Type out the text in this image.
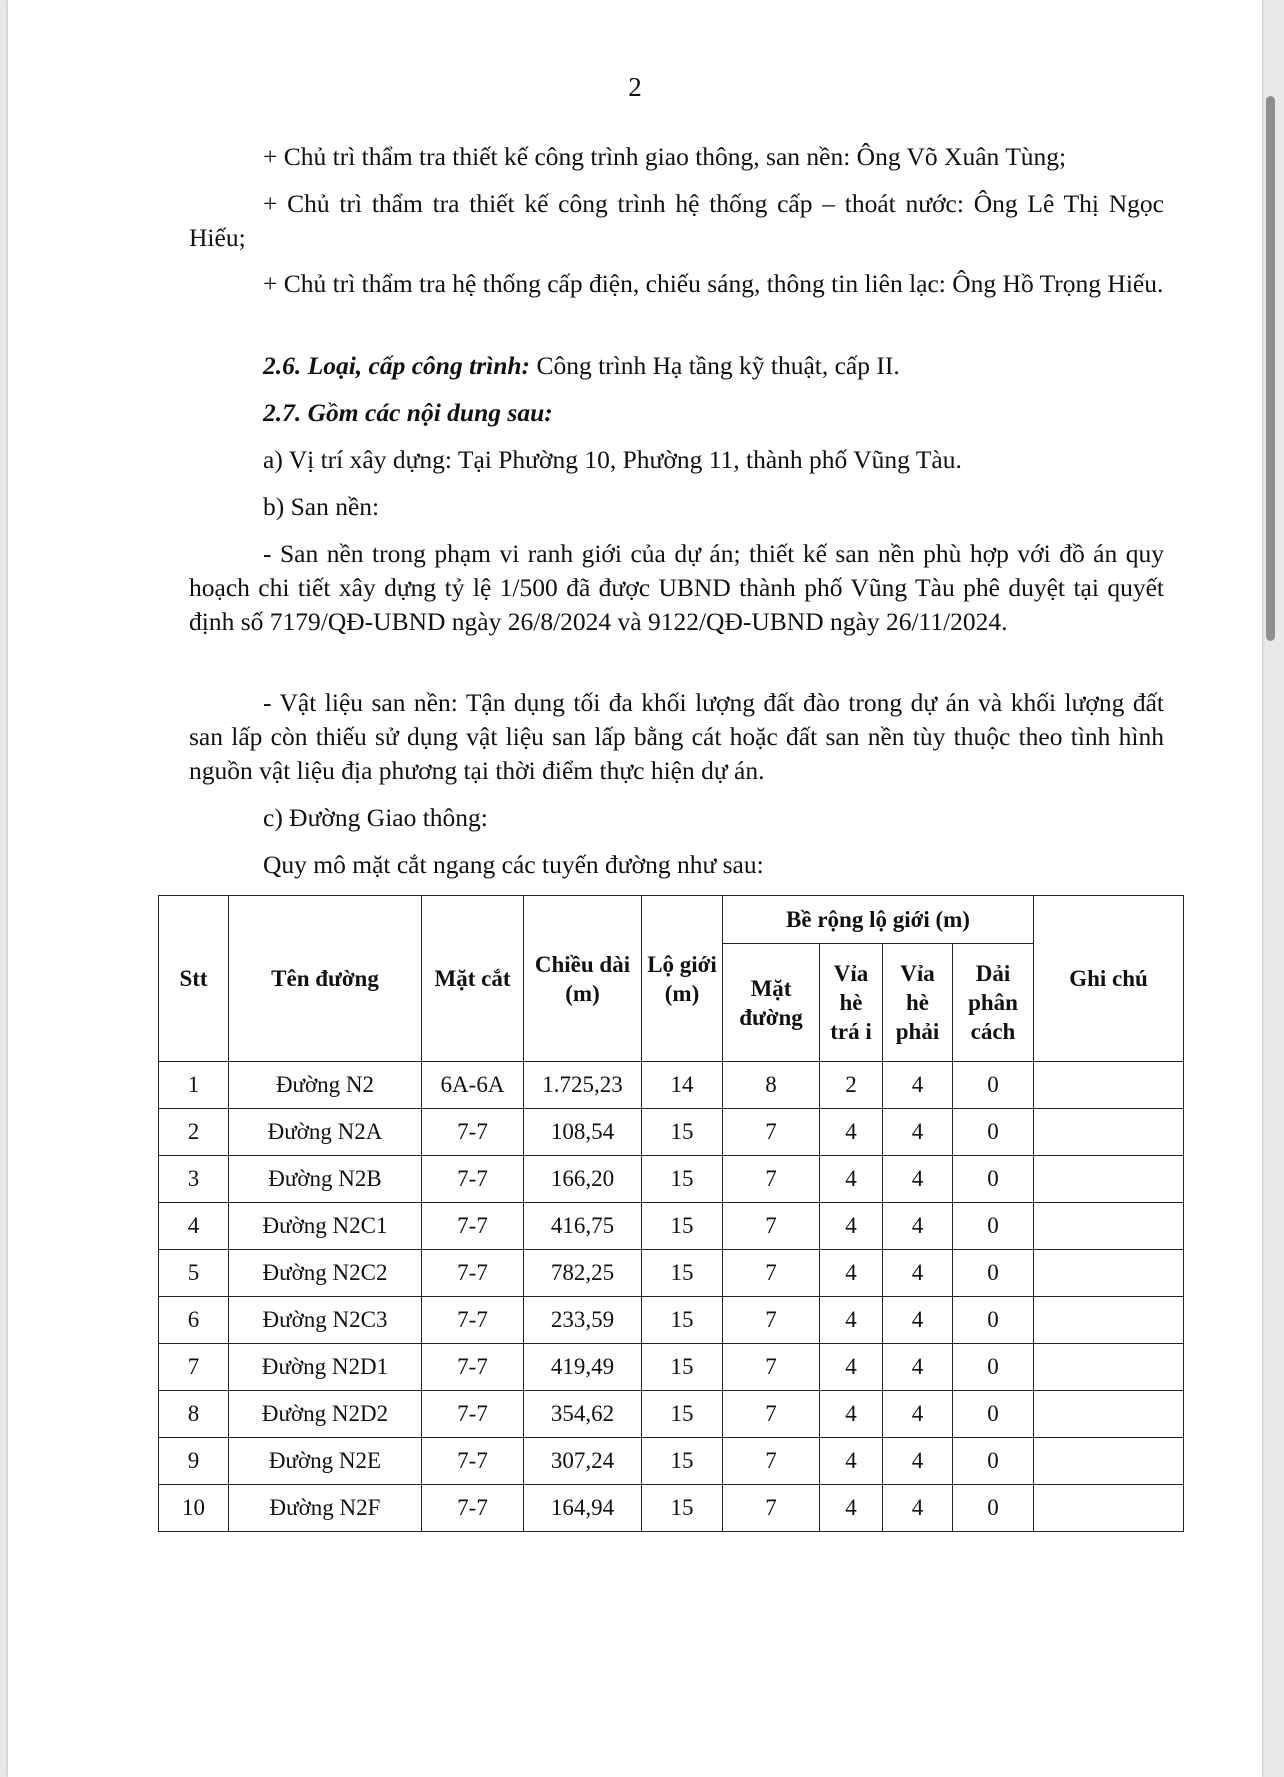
2

+ Chủ trì thẩm tra thiết kế công trình giao thông, san nền: Ông Võ Xuân Tùng;

+ Chủ trì thẩm tra thiết kế công trình hệ thống cấp – thoát nước: Ông Lê Thị Ngọc Hiếu;

+ Chủ trì thẩm tra hệ thống cấp điện, chiếu sáng, thông tin liên lạc: Ông Hồ Trọng Hiếu.

2.6. Loại, cấp công trình: Công trình Hạ tầng kỹ thuật, cấp II.

2.7. Gồm các nội dung sau:

a) Vị trí xây dựng: Tại Phường 10, Phường 11, thành phố Vũng Tàu.

b) San nền:

- San nền trong phạm vi ranh giới của dự án; thiết kế san nền phù hợp với đồ án quy hoạch chi tiết xây dựng tỷ lệ 1/500 đã được UBND thành phố Vũng Tàu phê duyệt tại quyết định số 7179/QĐ-UBND ngày 26/8/2024 và 9122/QĐ-UBND ngày 26/11/2024.

- Vật liệu san nền: Tận dụng tối đa khối lượng đất đào trong dự án và khối lượng đất san lấp còn thiếu sử dụng vật liệu san lấp bằng cát hoặc đất san nền tùy thuộc theo tình hình nguồn vật liệu địa phương tại thời điểm thực hiện dự án.

c) Đường Giao thông:

Quy mô mặt cắt ngang các tuyến đường như sau:

Stt	Tên đường	Mặt cắt	Chiều dài (m)	Lộ giới (m)	Bề rộng lộ giới (m)				Ghi chú
					Mặt đường	Vỉa hè trá i	Vỉa hè phải	Dải phân cách	
1	Đường N2	6A-6A	1.725,23	14	8	2	4	0	
2	Đường N2A	7-7	108,54	15	7	4	4	0	
3	Đường N2B	7-7	166,20	15	7	4	4	0	
4	Đường N2C1	7-7	416,75	15	7	4	4	0	
5	Đường N2C2	7-7	782,25	15	7	4	4	0	
6	Đường N2C3	7-7	233,59	15	7	4	4	0	
7	Đường N2D1	7-7	419,49	15	7	4	4	0	
8	Đường N2D2	7-7	354,62	15	7	4	4	0	
9	Đường N2E	7-7	307,24	15	7	4	4	0	
10	Đường N2F	7-7	164,94	15	7	4	4	0	
